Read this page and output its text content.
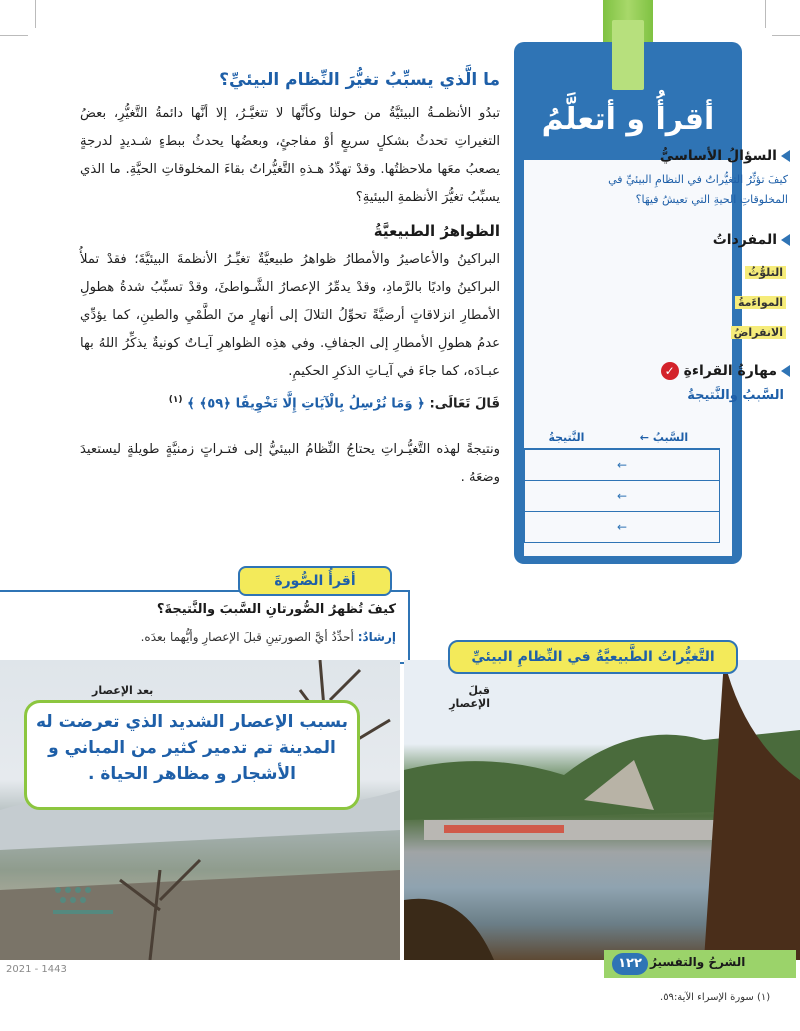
ما الَّذي يسبِّبُ تغيُّرَ النِّظام البيئيِّ؟

تبدُو الأنظمـةُ البيئيَّةُ من حولنا وكأنَّها لا تتغيَّـرُ، إلا أنَّها دائمةُ التَّغيُّرِ، بعضُ التغيراتِ تحدثُ بشكلٍ سريعٍ أوْ مفاجئٍ، وبعضُها يحدثُ ببطءٍ شـديدٍ لدرجةٍ يصعبُ معَها ملاحظتُها. وقدْ تهدِّدُ هـذهِ التَّغيُّراتُ بقاءَ المخلوقاتِ الحيَّةِ. ما الذي يسبِّبُ تغيُّرَ الأنظمةِ البيئيةِ؟

الظواهرُ الطبيعيَّةُ

البراكينُ والأعاصيرُ والأمطارُ ظواهرُ طبيعيَّةٌ تغيِّـرُ الأنظمةَ البيئيَّةَ؛ فقدْ تملأُ البراكينُ واديًا بالرَّمادِ، وقدْ يدمِّرُ الإعصارُ الشَّـواطئَ، وقدْ تسبِّبُ شدةُ هطولِ الأمطارِ انزلاقاتٍ أرضيَّةً تحوِّلُ التلالَ إلى أنهارٍ منَ الطَّمْيِ والطينِ، كما يؤدِّي عدمُ هطولِ الأمطارِ إلى الجفافِ. وفي هذِه الظواهرِ آيـاتٌ كونيةٌ يذكِّرُ اللهُ بها عبـادَه، كما جاءَ في آيـاتِ الذكرِ الحكيمِ.

قَالَ تَعَالَى: ﴿ وَمَا نُرْسِلُ بِالْآيَاتِ إِلَّا تَخْوِيفًا ﴿٥٩﴾ ﴾ $^{(١)}$

ونتيجةً لهذه التَّغيُّـراتِ يحتاجُ النِّظامُ البيئيُّ إلى فتـراتٍ زمنيَّةٍ طويلةٍ ليستعيدَ وضعَهُ .

أقرأُ و أتعلَّمُ
السؤالُ الأساسيُّ
كيفَ تؤثِّرُ التغيُّراتُ في النظامِ البيئيِّ في المخلوقاتِ الحيةِ التي تعيشُ فيهَا؟
المفرداتُ
التلوُّثُ
المواءَمةُ
الانقراضُ
مهارةُ القراءةِ ✓
السَّببُ والنَّتيجةُ
السَّببُ ←	النَّتيجةُ
←
←
←
كيفَ تُظهرُ الصُّورتانِ السَّببَ والنَّتيجةَ؟
إرشادٌ: أحدِّدُ أيَّ الصورتينِ قبلَ الإعصارِ وأيُّهما بعدَه.
أقرأُ الصُّورةَ
بعد الإعصار	قبلَ الإعصارِ
التَّغيُّراتُ الطَّبيعيَّةُ في النِّظامِ البيئيِّ
بسبب الإعصار الشديد الذي تعرضت له المدينة تم تدمير كثير من المباني و الأشجار و مظاهر الحياة .
2021 - 1443	١٢٢ الشرحُ والتفسيرُ
(١) سورة الإسراء الآية:٥٩.
